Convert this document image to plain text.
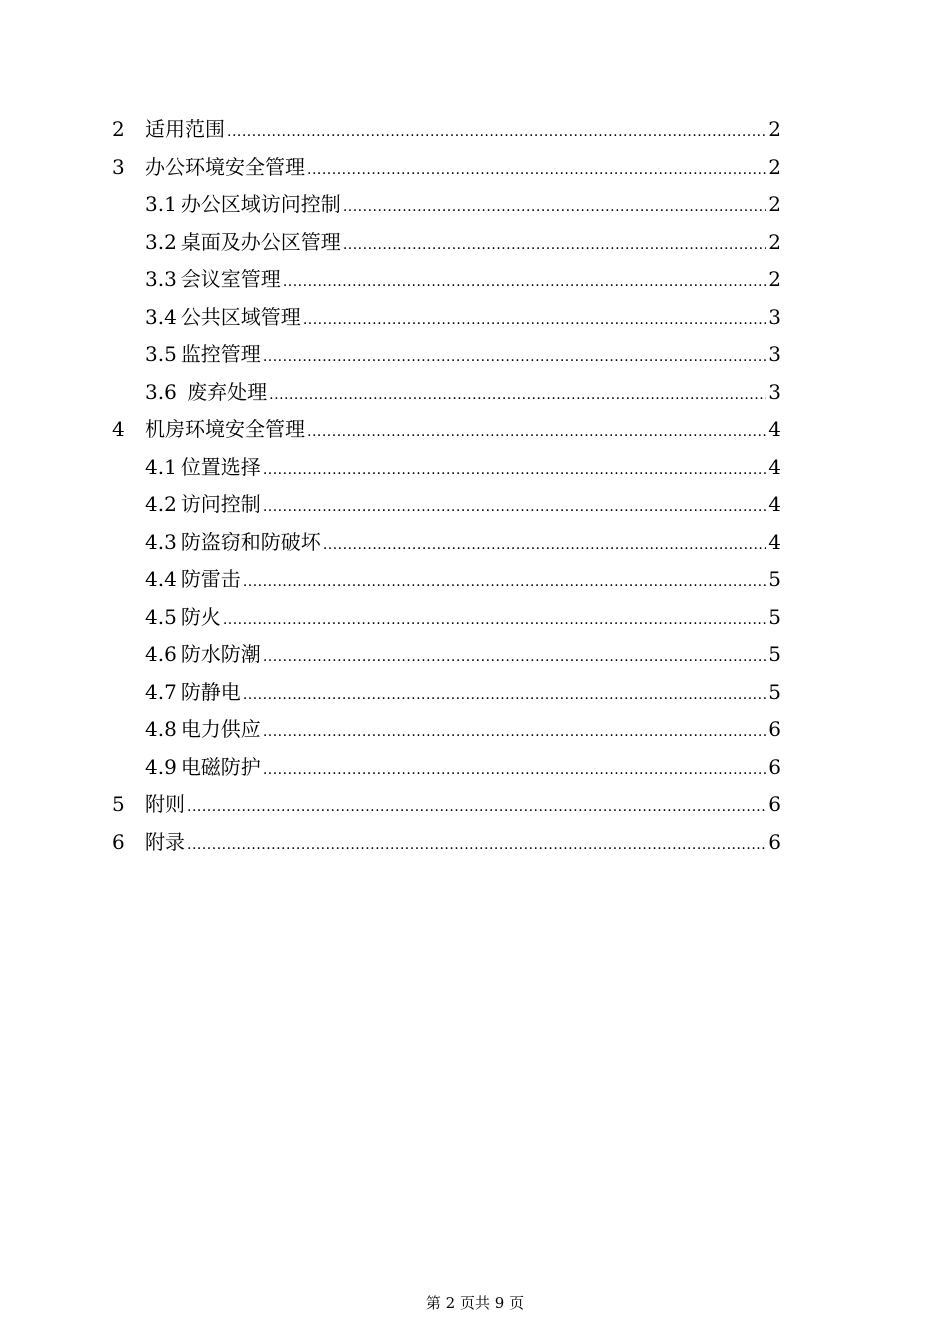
2	适用范围 .....	2
3	办公环境安全管理 .....	2
3.1 办公区域访问控制 .....	2
3.2 桌面及办公区管理 .....	2
3.3 会议室管理 .....	2
3.4 公共区域管理 .....	3
3.5 监控管理 .....	3
3.6 废弃处理 .....	3
4	机房环境安全管理 .....	4
4.1 位置选择 .....	4
4.2 访问控制 .....	4
4.3 防盗窃和防破坏 .....	4
4.4 防雷击 .....	5
4.5 防火 .....	5
4.6 防水防潮 .....	5
4.7 防静电 .....	5
4.8 电力供应 .....	6
4.9 电磁防护 .....	6
5	附则 .....	6
6	附录 .....	6
第 2 页共 9 页
